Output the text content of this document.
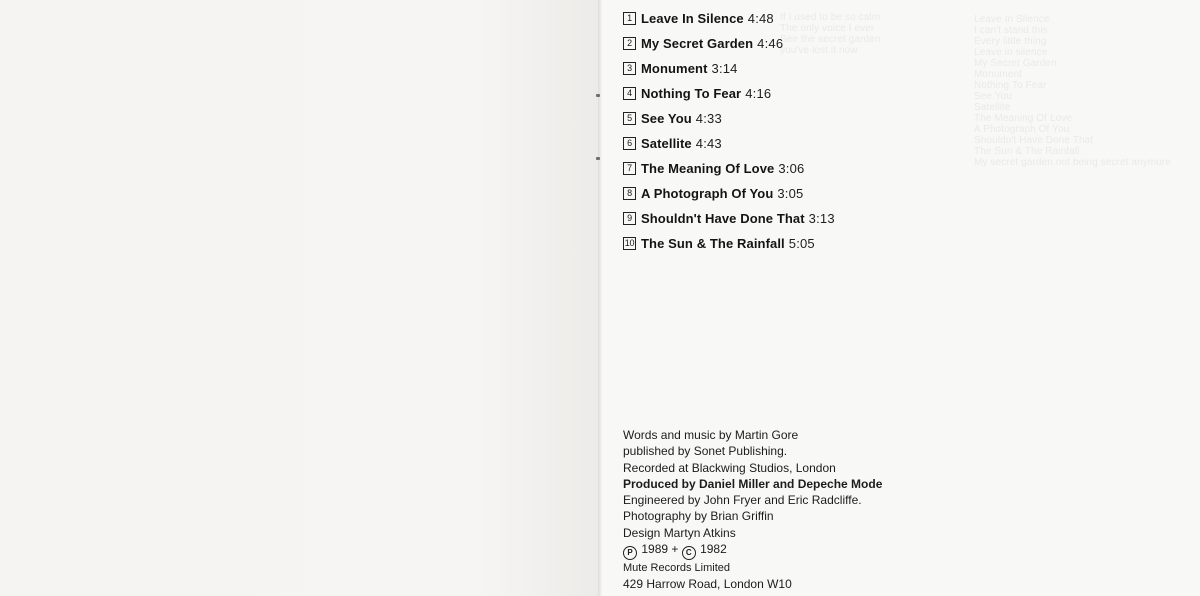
If I used to be so calm
The only voice I ever
See the secret garden
you've lost it now
Leave In Silence
I can't stand this
Every little thing
Leave in silence
My Secret Garden
Monument
Nothing To Fear
See You
Satellite
The Meaning Of Love
A Photograph Of You
Shouldn't Have Done That
The Sun & The Rainfall
My secret garden not being secret anymore
1 Leave In Silence 4:48
2 My Secret Garden 4:46
3 Monument 3:14
4 Nothing To Fear 4:16
5 See You 4:33
6 Satellite 4:43
7 The Meaning Of Love 3:06
8 A Photograph Of You 3:05
9 Shouldn't Have Done That 3:13
10 The Sun & The Rainfall 5:05
Words and music by Martin Gore
published by Sonet Publishing.
Recorded at Blackwing Studios, London
Produced by Daniel Miller and Depeche Mode
Engineered by John Fryer and Eric Radcliffe.
Photography by Brian Griffin
Design Martyn Atkins
P 1989 + C 1982
Mute Records Limited
429 Harrow Road, London W10
